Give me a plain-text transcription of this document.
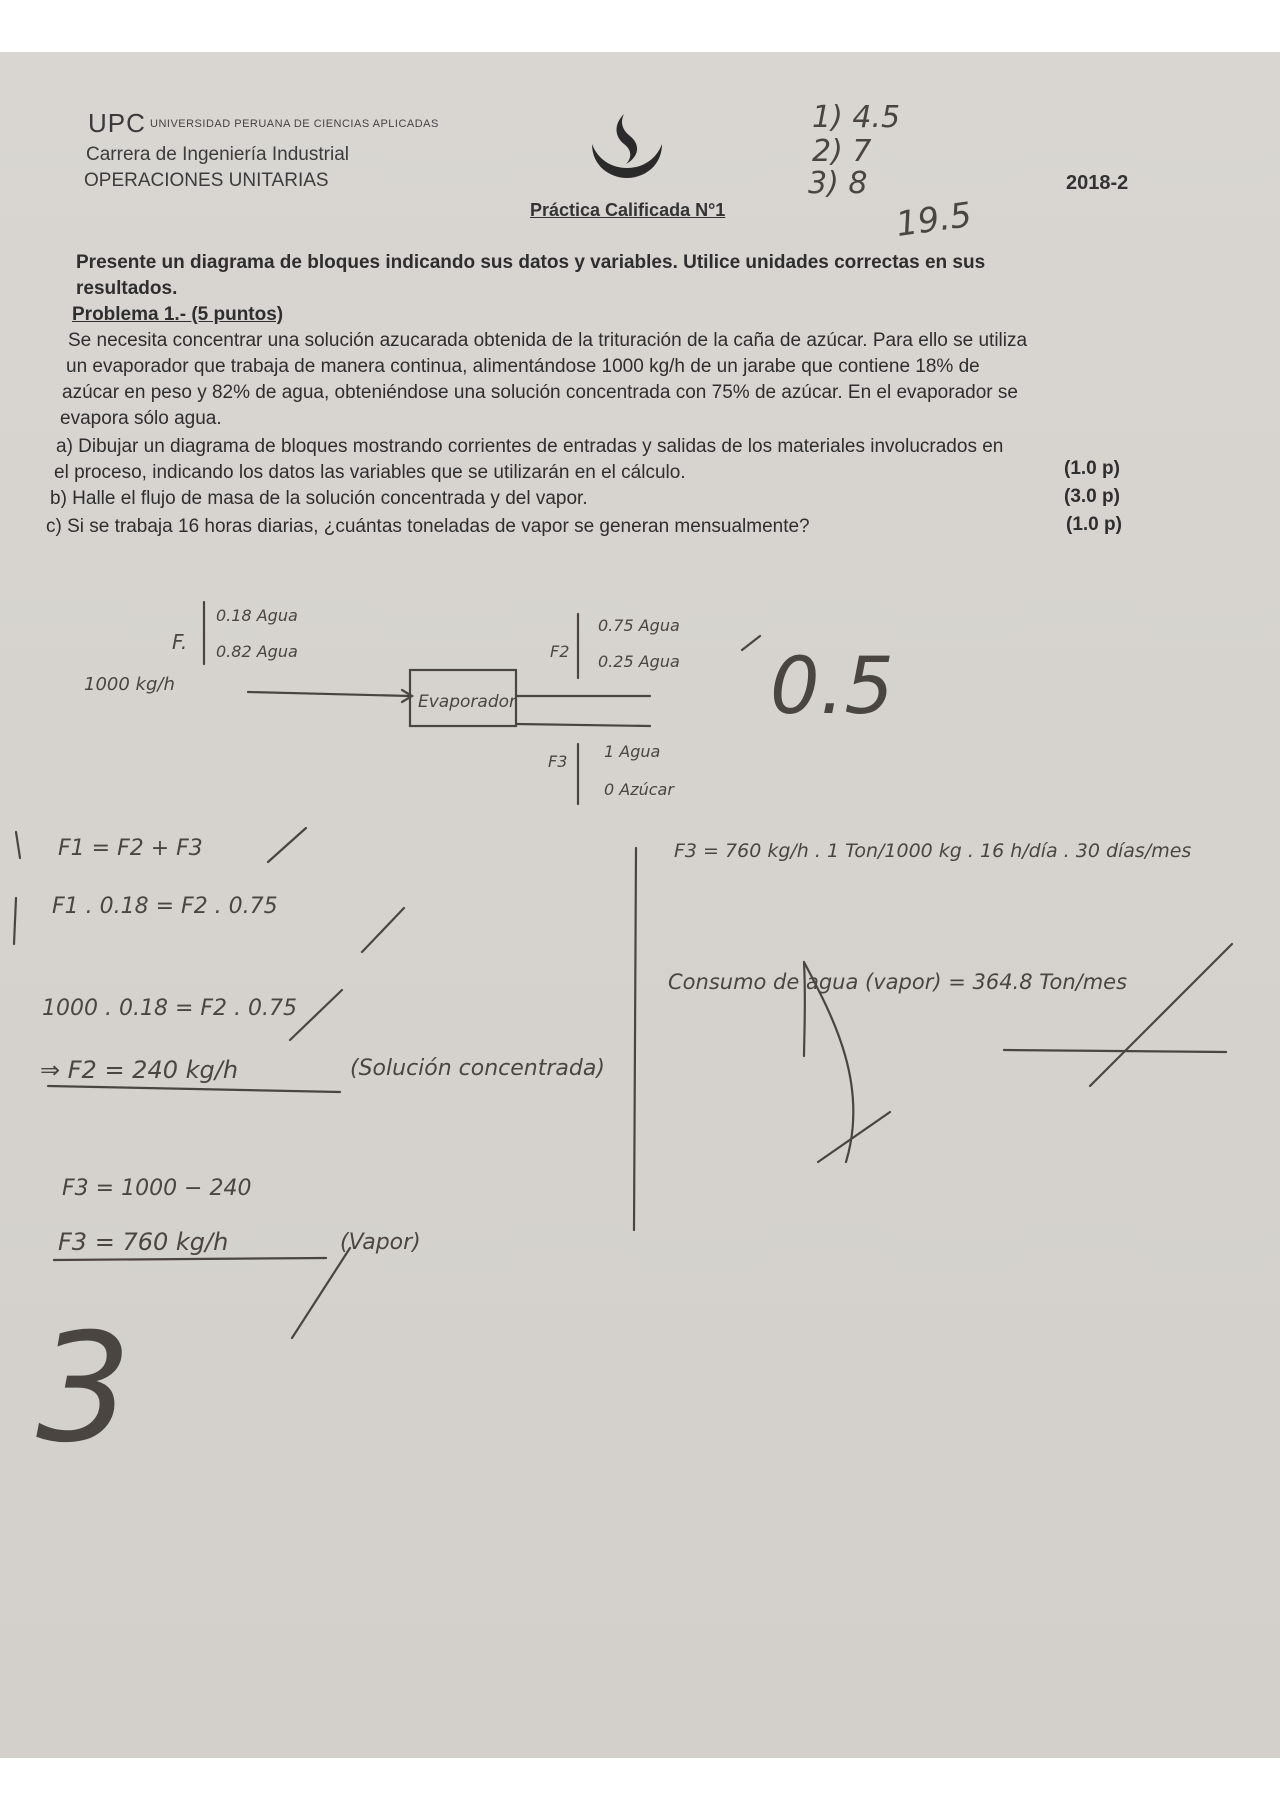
UPC UNIVERSIDAD PERUANA DE CIENCIAS APLICADAS
Carrera de Ingeniería Industrial
OPERACIONES UNITARIAS	2018-2
Práctica Calificada N°1
1) 4.5
2) 7
3) 8
19.5
Presente un diagrama de bloques indicando sus datos y variables. Utilice unidades correctas en sus
resultados.
Problema 1.- (5 puntos)
Se necesita concentrar una solución azucarada obtenida de la trituración de la caña de azúcar. Para ello se utiliza
un evaporador que trabaja de manera continua, alimentándose 1000 kg/h de un jarabe que contiene 18% de
azúcar en peso y 82% de agua, obteniéndose una solución concentrada con 75% de azúcar. En el evaporador se
evapora sólo agua.
a) Dibujar un diagrama de bloques mostrando corrientes de entradas y salidas de los materiales involucrados en
el proceso, indicando los datos las variables que se utilizarán en el cálculo.	(1.0 p)
b) Halle el flujo de masa de la solución concentrada y del vapor.	(3.0 p)
c) Si se trabaja 16 horas diarias, ¿cuántas toneladas de vapor se generan mensualmente?	(1.0 p)
F.
0.18 Agua
0.82 Agua
1000 kg/h
Evaporador
F2
0.75 Agua
0.25 Agua
F3
1 Agua
0 Azúcar
0.5
F1 = F2 + F3
F1 . 0.18 = F2 . 0.75
1000 . 0.18 = F2 . 0.75
⇒ F2 = 240 kg/h	(Solución concentrada)
F3 = 1000 − 240
F3 = 760 kg/h	(Vapor)
3
F3 = 760 kg/h . 1 Ton/1000 kg . 16 h/día . 30 días/mes
Consumo de agua (vapor) = 364.8 Ton/mes
